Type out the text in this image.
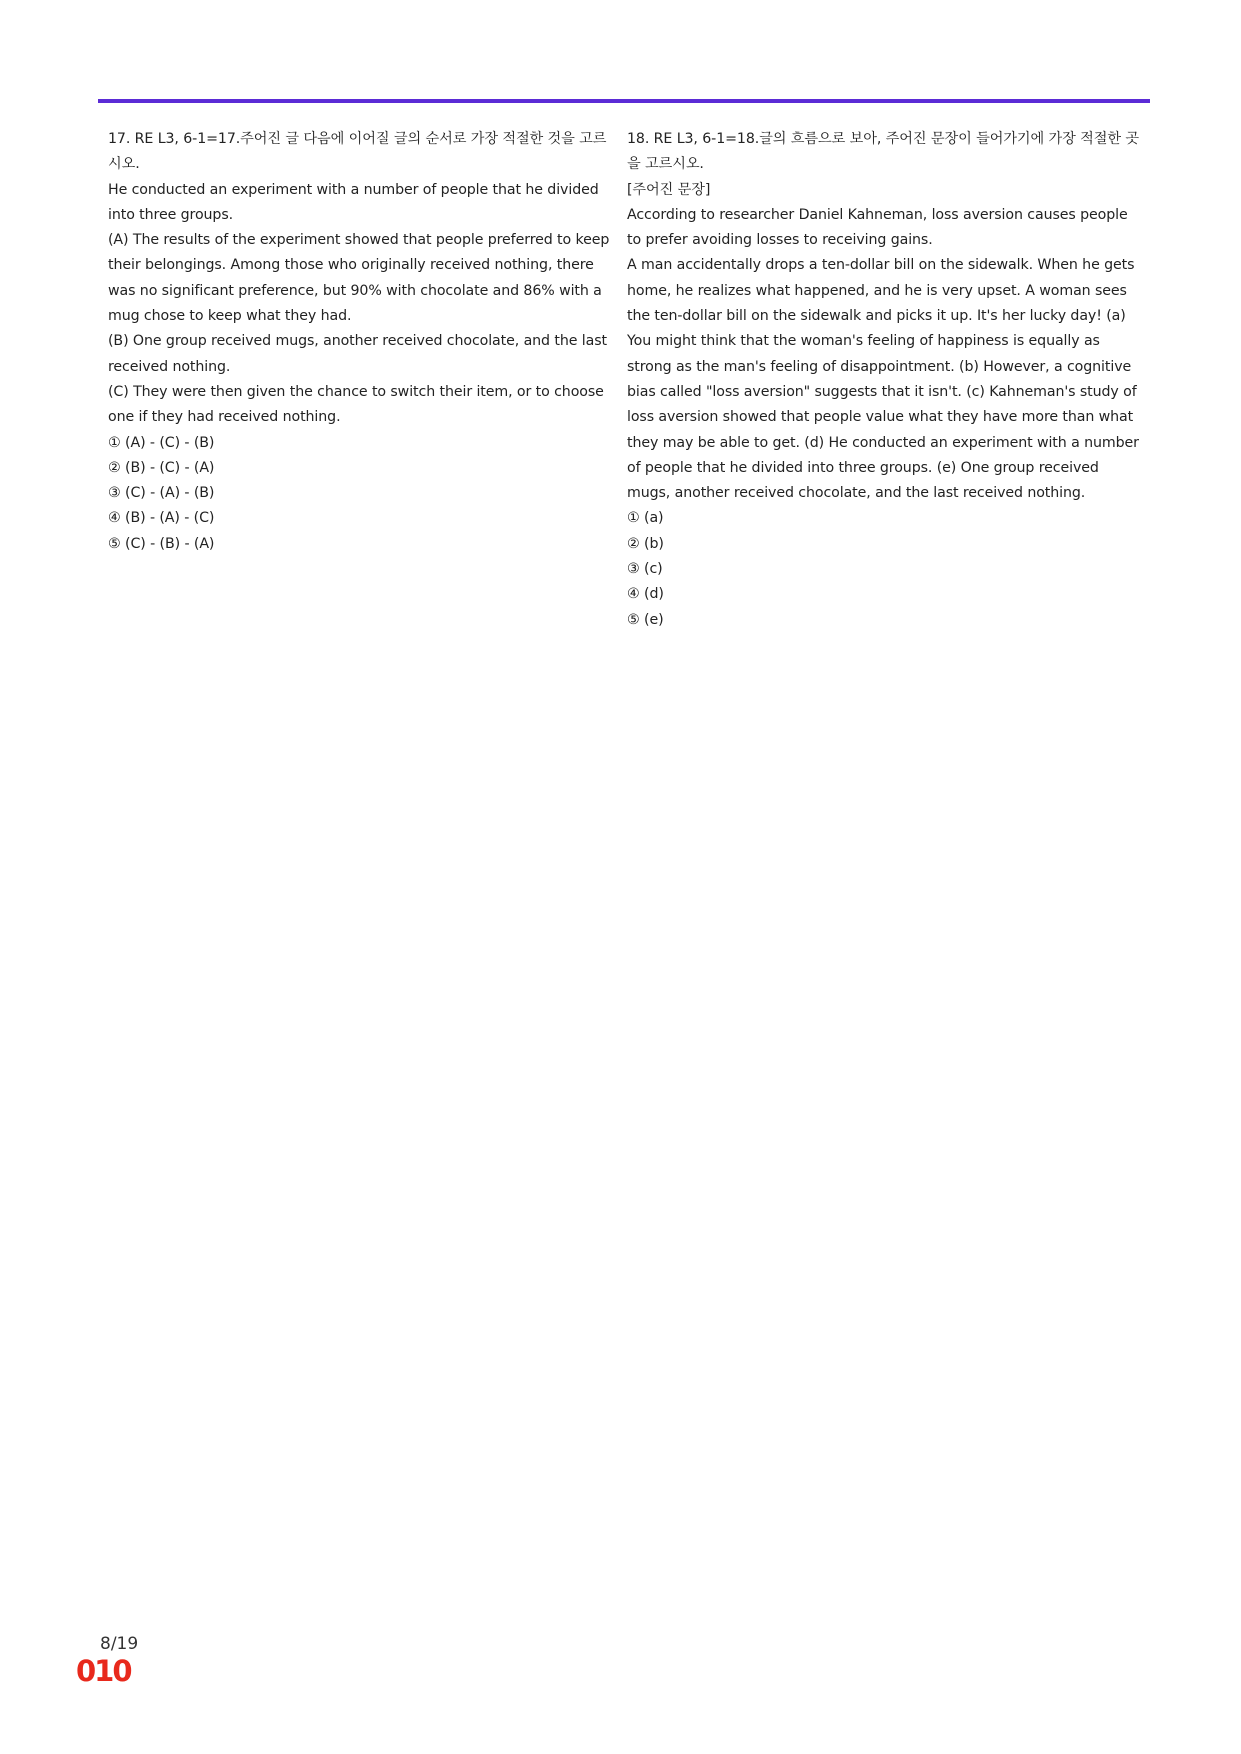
17. RE L3, 6-1=17.주어진 글 다음에 이어질 글의 순서로 가장 적절한 것을 고르시오.

He conducted an experiment with a number of people that he divided into three groups.

(A) The results of the experiment showed that people preferred to keep their belongings. Among those who originally received nothing, there was no significant preference, but 90% with chocolate and 86% with a mug chose to keep what they had.

(B) One group received mugs, another received chocolate, and the last received nothing.

(C) They were then given the chance to switch their item, or to choose one if they had received nothing.

① (A) - (C) - (B)

② (B) - (C) - (A)

③ (C) - (A) - (B)

④ (B) - (A) - (C)

⑤ (C) - (B) - (A)

18. RE L3, 6-1=18.글의 흐름으로 보아, 주어진 문장이 들어가기에 가장 적절한 곳을 고르시오.

[주어진 문장]

According to researcher Daniel Kahneman, loss aversion causes people to prefer avoiding losses to receiving gains.

A man accidentally drops a ten-dollar bill on the sidewalk. When he gets home, he realizes what happened, and he is very upset. A woman sees the ten-dollar bill on the sidewalk and picks it up. It's her lucky day! (a) You might think that the woman's feeling of happiness is equally as strong as the man's feeling of disappointment. (b) However, a cognitive bias called "loss aversion" suggests that it isn't. (c) Kahneman's study of loss aversion showed that people value what they have more than what they may be able to get. (d) He conducted an experiment with a number of people that he divided into three groups. (e) One group received mugs, another received chocolate, and the last received nothing.

① (a)

② (b)

③ (c)

④ (d)

⑤ (e)

8/19
010
